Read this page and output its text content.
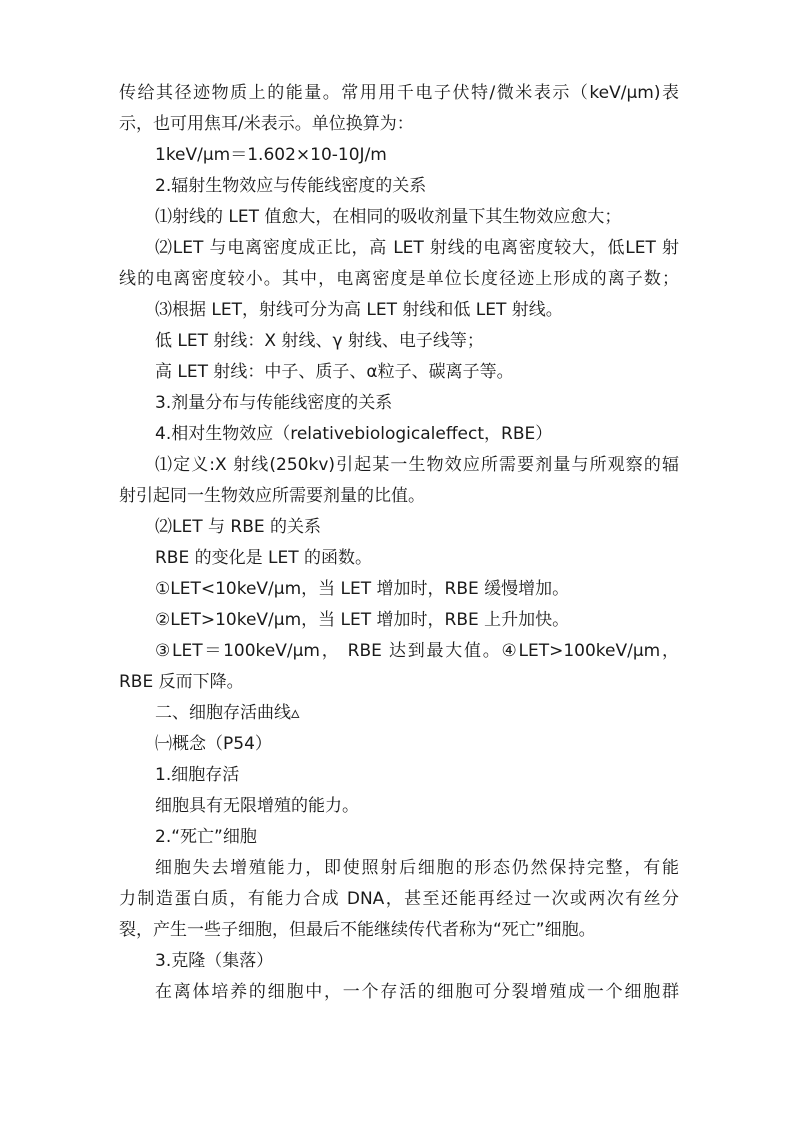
传给其径迹物质上的能量。常用用千电子伏特/微米表示（keV/μm)表
示，也可用焦耳/米表示。单位换算为：
1keV/μm＝1.602×10-10J/m
2.辐射生物效应与传能线密度的关系
⑴射线的 LET 值愈大，在相同的吸收剂量下其生物效应愈大；
⑵LET 与电离密度成正比，高 LET 射线的电离密度较大，低LET 射
线的电离密度较小。其中，电离密度是单位长度径迹上形成的离子数；
⑶根据 LET，射线可分为高 LET 射线和低 LET 射线。
低 LET 射线：X 射线、γ 射线、电子线等；
高 LET 射线：中子、质子、α粒子、碳离子等。
3.剂量分布与传能线密度的关系
4.相对生物效应（relativebiologicaleffect，RBE）
⑴定义:X 射线(250kv)引起某一生物效应所需要剂量与所观察的辐
射引起同一生物效应所需要剂量的比值。
⑵LET 与 RBE 的关系
RBE 的变化是 LET 的函数。
①LET<10keV/μm，当 LET 增加时，RBE 缓慢增加。
②LET>10keV/μm，当 LET 增加时，RBE 上升加快。
③LET＝100keV/μm， RBE 达到最大值。④LET>100keV/μm，
RBE 反而下降。
二、细胞存活曲线▵
㈠概念（P54）
1.细胞存活
细胞具有无限增殖的能力。
2.“死亡”细胞
细胞失去增殖能力，即使照射后细胞的形态仍然保持完整，有能
力制造蛋白质，有能力合成 DNA，甚至还能再经过一次或两次有丝分
裂，产生一些子细胞，但最后不能继续传代者称为“死亡”细胞。
3.克隆（集落）
在离体培养的细胞中，一个存活的细胞可分裂增殖成一个细胞群
